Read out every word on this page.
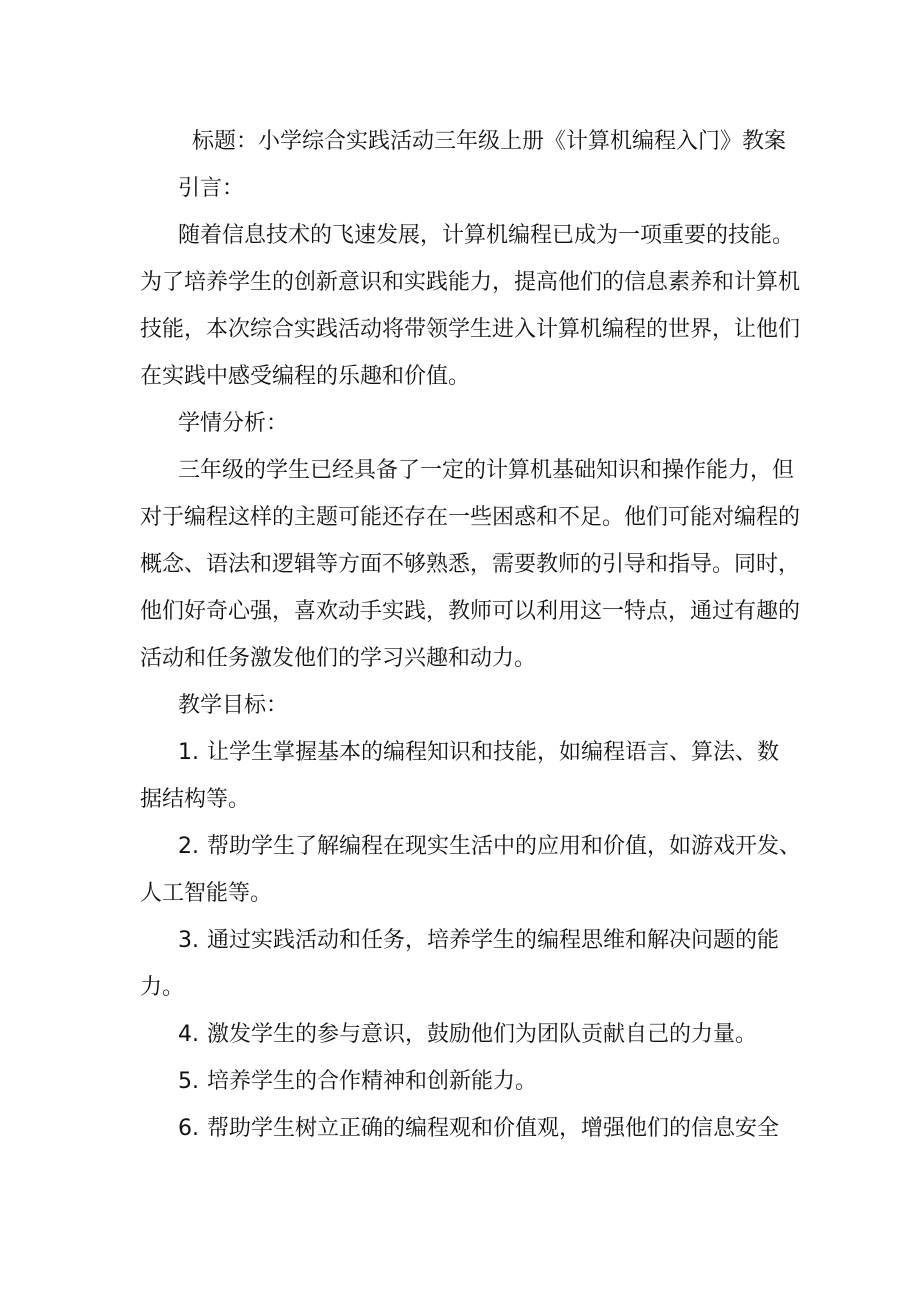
标题：小学综合实践活动三年级上册《计算机编程入门》教案
引言：
随着信息技术的飞速发展，计算机编程已成为一项重要的技能。
为了培养学生的创新意识和实践能力，提高他们的信息素养和计算机
技能，本次综合实践活动将带领学生进入计算机编程的世界，让他们
在实践中感受编程的乐趣和价值。
学情分析：
三年级的学生已经具备了一定的计算机基础知识和操作能力，但
对于编程这样的主题可能还存在一些困惑和不足。他们可能对编程的
概念、语法和逻辑等方面不够熟悉，需要教师的引导和指导。同时，
他们好奇心强，喜欢动手实践，教师可以利用这一特点，通过有趣的
活动和任务激发他们的学习兴趣和动力。
教学目标：
1. 让学生掌握基本的编程知识和技能，如编程语言、算法、数
据结构等。
2. 帮助学生了解编程在现实生活中的应用和价值，如游戏开发、
人工智能等。
3. 通过实践活动和任务，培养学生的编程思维和解决问题的能
力。
4. 激发学生的参与意识，鼓励他们为团队贡献自己的力量。
5. 培养学生的合作精神和创新能力。
6. 帮助学生树立正确的编程观和价值观，增强他们的信息安全
